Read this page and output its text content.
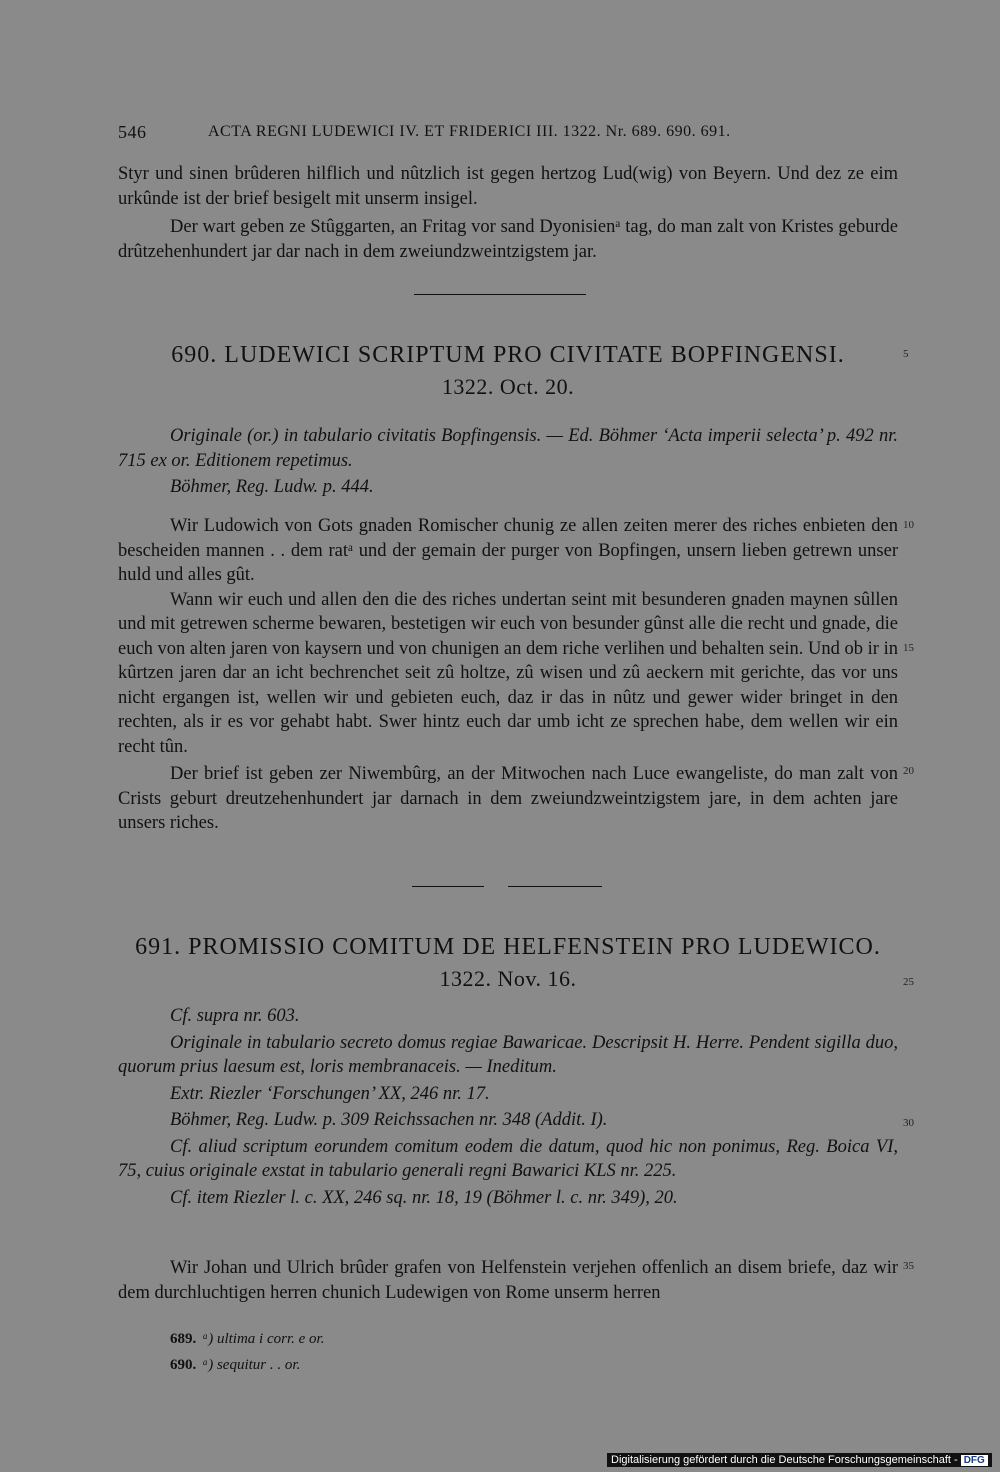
546	ACTA REGNI LUDEWICI IV. ET FRIDERICI III. 1322. Nr. 689. 690. 691.

Styr und sinen brûderen hilflich und nûtzlich ist gegen hertzog Lud(wig) von Beyern. Und dez ze eim urkûnde ist der brief besigelt mit unserm insigel.

Der wart geben ze Stûggarten, an Fritag vor sand Dyonisienᵃ tag, do man zalt von Kristes geburde drûtzehenhundert jar dar nach in dem zweiundzweintzigstem jar.

690. LUDEWICI SCRIPTUM PRO CIVITATE BOPFINGENSI.
1322. Oct. 20.

Originale (or.) in tabulario civitatis Bopfingensis. — Ed. Böhmer ‘Acta imperii selecta’ p. 492 nr. 715 ex or. Editionem repetimus.

Böhmer, Reg. Ludw. p. 444.

Wir Ludowich von Gots gnaden Romischer chunig ze allen zeiten merer des riches enbieten den bescheiden mannen . . dem ratᵃ und der gemain der purger von Bopfingen, unsern lieben getrewn unser huld und alles gût.

Wann wir euch und allen den die des riches undertan seint mit besunderen gnaden maynen sûllen und mit getrewen scherme bewaren, bestetigen wir euch von besunder gûnst alle die recht und gnade, die euch von alten jaren von kaysern und von chunigen an dem riche verlihen und behalten sein. Und ob ir in kûrtzen jaren dar an icht bechrenchet seit zû holtze, zû wisen und zû aeckern mit gerichte, das vor uns nicht ergangen ist, wellen wir und gebieten euch, daz ir das in nûtz und gewer wider bringet in den rechten, als ir es vor gehabt habt. Swer hintz euch dar umb icht ze sprechen habe, dem wellen wir ein recht tûn.

Der brief ist geben zer Niwembûrg, an der Mitwochen nach Luce ewangeliste, do man zalt von Crists geburt dreutzehenhundert jar darnach in dem zweiundzweintzigstem jare, in dem achten jare unsers riches.

691. PROMISSIO COMITUM DE HELFENSTEIN PRO LUDEWICO.
1322. Nov. 16.

Cf. supra nr. 603.

Originale in tabulario secreto domus regiae Bawaricae. Descripsit H. Herre. Pendent sigilla duo, quorum prius laesum est, loris membranaceis. — Ineditum.

Extr. Riezler ‘Forschungen’ XX, 246 nr. 17.

Böhmer, Reg. Ludw. p. 309 Reichssachen nr. 348 (Addit. I).

Cf. aliud scriptum eorundem comitum eodem die datum, quod hic non ponimus, Reg. Boica VI, 75, cuius originale exstat in tabulario generali regni Bawarici KLS nr. 225.

Cf. item Riezler l. c. XX, 246 sq. nr. 18, 19 (Böhmer l. c. nr. 349), 20.

Wir Johan und Ulrich brûder grafen von Helfenstein verjehen offenlich an disem briefe, daz wir dem durchluchtigen herren chunich Ludewigen von Rome unserm herren

5
10
15
20
25
30
35
689. ᵃ) ultima i corr. e or.
690. ᵃ) sequitur . . or.
Digitalisierung gefördert durch die Deutsche Forschungsgemeinschaft - DFG
